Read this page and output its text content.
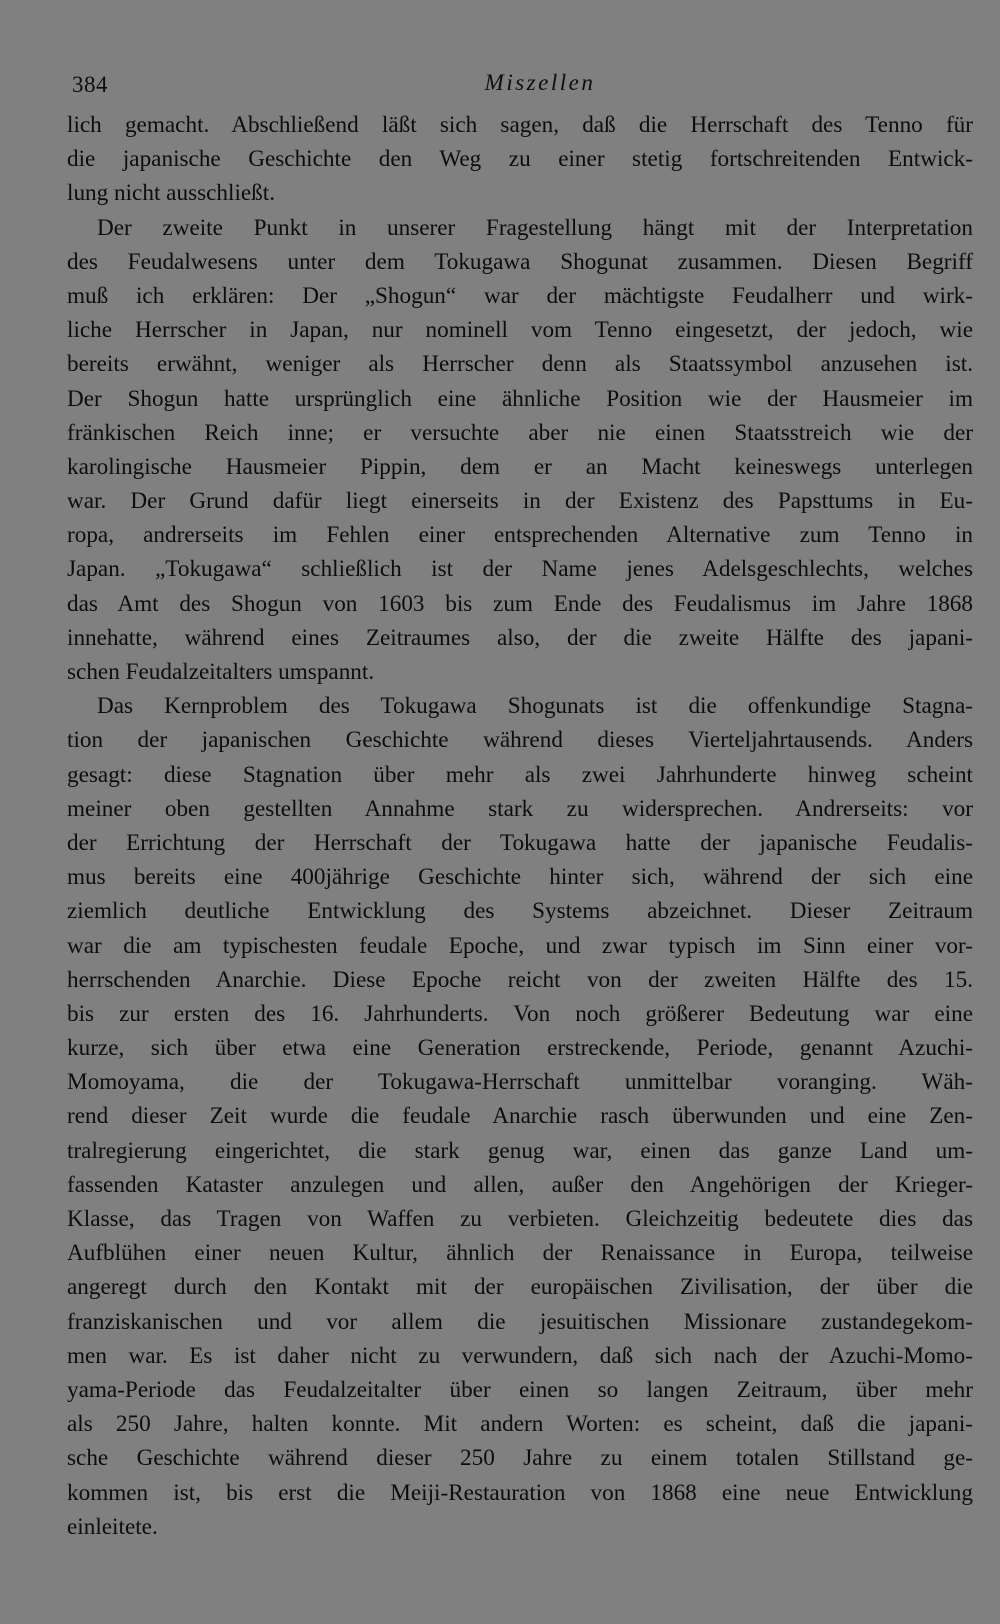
384	Miszellen
lich gemacht. Abschließend läßt sich sagen, daß die Herrschaft des Tenno für
die japanische Geschichte den Weg zu einer stetig fortschreitenden Entwick-
lung nicht ausschließt.
Der zweite Punkt in unserer Fragestellung hängt mit der Interpretation
des Feudalwesens unter dem Tokugawa Shogunat zusammen. Diesen Begriff
muß ich erklären: Der „Shogun“ war der mächtigste Feudalherr und wirk-
liche Herrscher in Japan, nur nominell vom Tenno eingesetzt, der jedoch, wie
bereits erwähnt, weniger als Herrscher denn als Staatssymbol anzusehen ist.
Der Shogun hatte ursprünglich eine ähnliche Position wie der Hausmeier im
fränkischen Reich inne; er versuchte aber nie einen Staatsstreich wie der
karolingische Hausmeier Pippin, dem er an Macht keineswegs unterlegen
war. Der Grund dafür liegt einerseits in der Existenz des Papsttums in Eu-
ropa, andrerseits im Fehlen einer entsprechenden Alternative zum Tenno in
Japan. „Tokugawa“ schließlich ist der Name jenes Adelsgeschlechts, welches
das Amt des Shogun von 1603 bis zum Ende des Feudalismus im Jahre 1868
innehatte, während eines Zeitraumes also, der die zweite Hälfte des japani-
schen Feudalzeitalters umspannt.
Das Kernproblem des Tokugawa Shogunats ist die offenkundige Stagna-
tion der japanischen Geschichte während dieses Vierteljahrtausends. Anders
gesagt: diese Stagnation über mehr als zwei Jahrhunderte hinweg scheint
meiner oben gestellten Annahme stark zu widersprechen. Andrerseits: vor
der Errichtung der Herrschaft der Tokugawa hatte der japanische Feudalis-
mus bereits eine 400jährige Geschichte hinter sich, während der sich eine
ziemlich deutliche Entwicklung des Systems abzeichnet. Dieser Zeitraum
war die am typischesten feudale Epoche, und zwar typisch im Sinn einer vor-
herrschenden Anarchie. Diese Epoche reicht von der zweiten Hälfte des 15.
bis zur ersten des 16. Jahrhunderts. Von noch größerer Bedeutung war eine
kurze, sich über etwa eine Generation erstreckende, Periode, genannt Azuchi-
Momoyama, die der Tokugawa-Herrschaft unmittelbar voranging. Wäh-
rend dieser Zeit wurde die feudale Anarchie rasch überwunden und eine Zen-
tralregierung eingerichtet, die stark genug war, einen das ganze Land um-
fassenden Kataster anzulegen und allen, außer den Angehörigen der Krieger-
Klasse, das Tragen von Waffen zu verbieten. Gleichzeitig bedeutete dies das
Aufblühen einer neuen Kultur, ähnlich der Renaissance in Europa, teilweise
angeregt durch den Kontakt mit der europäischen Zivilisation, der über die
franziskanischen und vor allem die jesuitischen Missionare zustandegekom-
men war. Es ist daher nicht zu verwundern, daß sich nach der Azuchi-Momo-
yama-Periode das Feudalzeitalter über einen so langen Zeitraum, über mehr
als 250 Jahre, halten konnte. Mit andern Worten: es scheint, daß die japani-
sche Geschichte während dieser 250 Jahre zu einem totalen Stillstand ge-
kommen ist, bis erst die Meiji-Restauration von 1868 eine neue Entwicklung
einleitete.
